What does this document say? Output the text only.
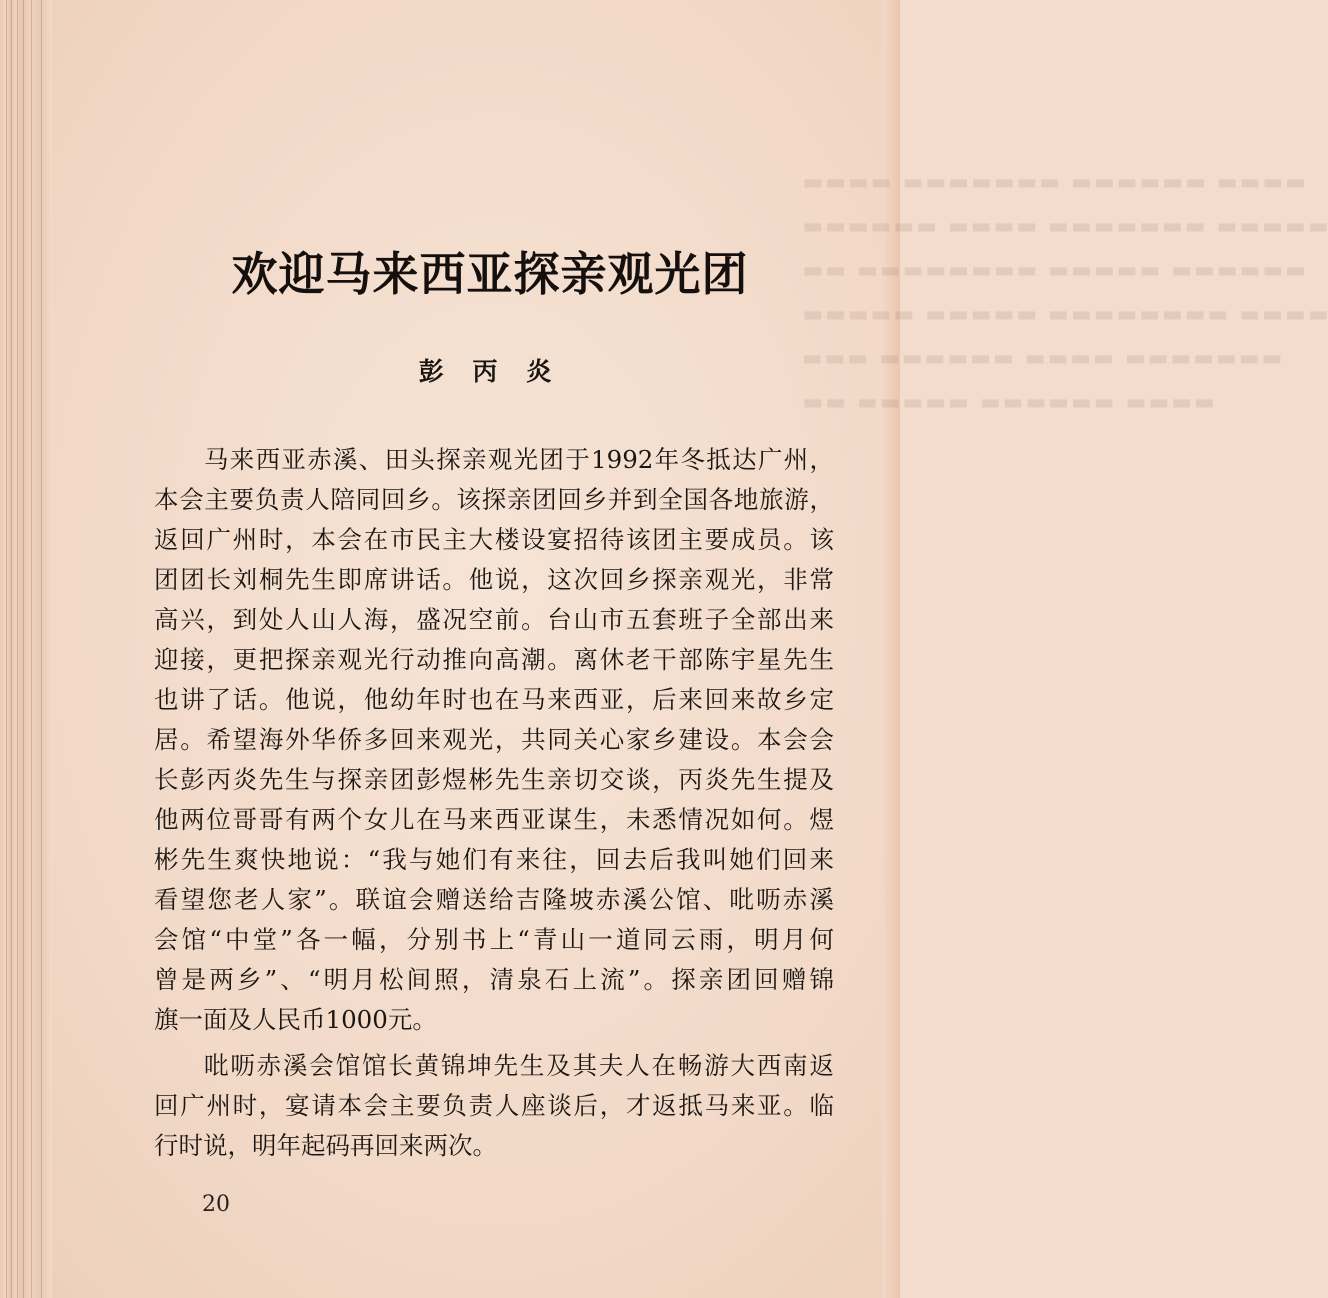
▬▬▬▬ ▬▬▬▬▬▬ ▬▬▬▬▬▬▬ ▬▬▬▬
▬▬▬▬▬ ▬▬▬▬▬▬▬ ▬▬▬▬ ▬▬▬▬▬▬
▬▬▬▬▬▬ ▬▬▬▬▬ ▬▬▬▬▬▬▬▬ ▬▬
▬▬▬▬ ▬▬▬▬▬▬▬▬ ▬▬▬▬▬ ▬▬▬▬▬
▬▬▬▬▬▬▬ ▬▬▬▬ ▬▬▬▬▬▬ ▬▬▬
▬▬▬▬ ▬▬▬▬▬▬ ▬▬▬▬▬ ▬▬
欢迎马来西亚探亲观光团
彭 丙 炎
马来西亚赤溪、田头探亲观光团于1992年冬抵达广州，
本会主要负责人陪同回乡。该探亲团回乡并到全国各地旅游，
返回广州时，本会在市民主大楼设宴招待该团主要成员。该
团团长刘桐先生即席讲话。他说，这次回乡探亲观光，非常
高兴，到处人山人海，盛况空前。台山市五套班子全部出来
迎接，更把探亲观光行动推向高潮。离休老干部陈宇星先生
也讲了话。他说，他幼年时也在马来西亚，后来回来故乡定
居。希望海外华侨多回来观光，共同关心家乡建设。本会会
长彭丙炎先生与探亲团彭煜彬先生亲切交谈，丙炎先生提及
他两位哥哥有两个女儿在马来西亚谋生，未悉情况如何。煜
彬先生爽快地说：“我与她们有来往，回去后我叫她们回来
看望您老人家”。联谊会赠送给吉隆坡赤溪公馆、吡呖赤溪
会馆“中堂”各一幅，分别书上“青山一道同云雨，明月何
曾是两乡”、“明月松间照，清泉石上流”。探亲团回赠锦
旗一面及人民币1000元。
吡呖赤溪会馆馆长黄锦坤先生及其夫人在畅游大西南返
回广州时，宴请本会主要负责人座谈后，才返抵马来亚。临
行时说，明年起码再回来两次。
20
